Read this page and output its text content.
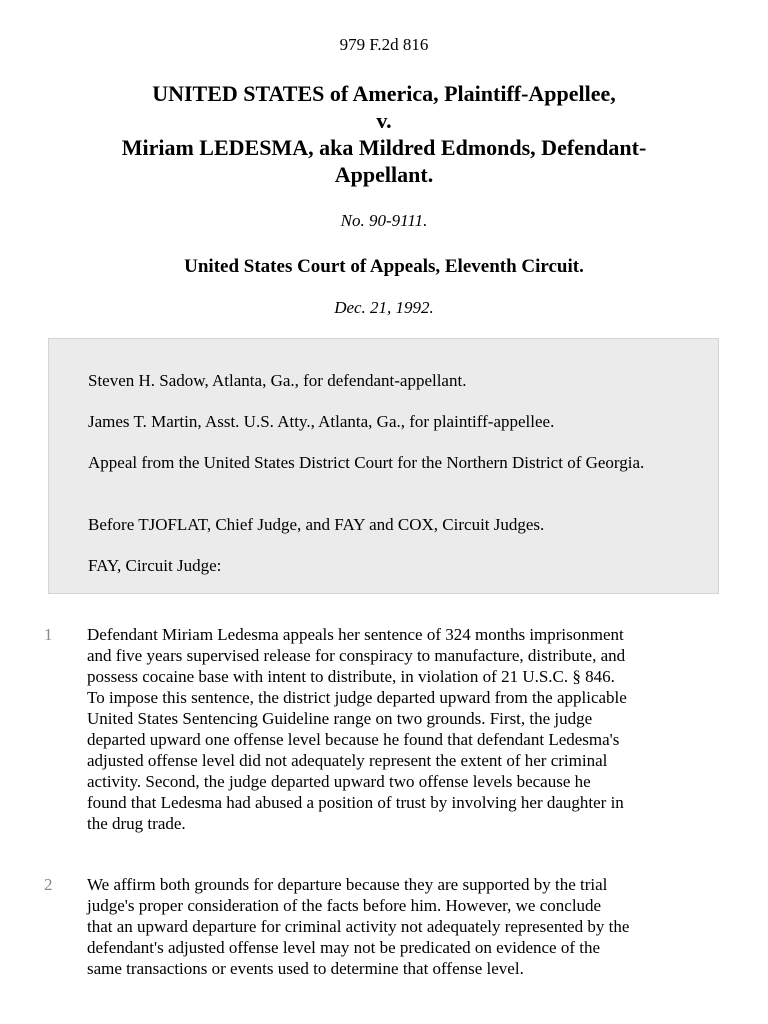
979 F.2d 816
UNITED STATES of America, Plaintiff-Appellee,
v.
Miriam LEDESMA, aka Mildred Edmonds, Defendant-
Appellant.
No. 90-9111.
United States Court of Appeals, Eleventh Circuit.
Dec. 21, 1992.

Steven H. Sadow, Atlanta, Ga., for defendant-appellant.

James T. Martin, Asst. U.S. Atty., Atlanta, Ga., for plaintiff-appellee.

Appeal from the United States District Court for the Northern District of Georgia.

Before TJOFLAT, Chief Judge, and FAY and COX, Circuit Judges.

FAY, Circuit Judge:

1 Defendant Miriam Ledesma appeals her sentence of 324 months imprisonment
and five years supervised release for conspiracy to manufacture, distribute, and
possess cocaine base with intent to distribute, in violation of 21 U.S.C. § 846.
To impose this sentence, the district judge departed upward from the applicable
United States Sentencing Guideline range on two grounds. First, the judge
departed upward one offense level because he found that defendant Ledesma's
adjusted offense level did not adequately represent the extent of her criminal
activity. Second, the judge departed upward two offense levels because he
found that Ledesma had abused a position of trust by involving her daughter in
the drug trade.
2 We affirm both grounds for departure because they are supported by the trial
judge's proper consideration of the facts before him. However, we conclude
that an upward departure for criminal activity not adequately represented by the
defendant's adjusted offense level may not be predicated on evidence of the
same transactions or events used to determine that offense level.
